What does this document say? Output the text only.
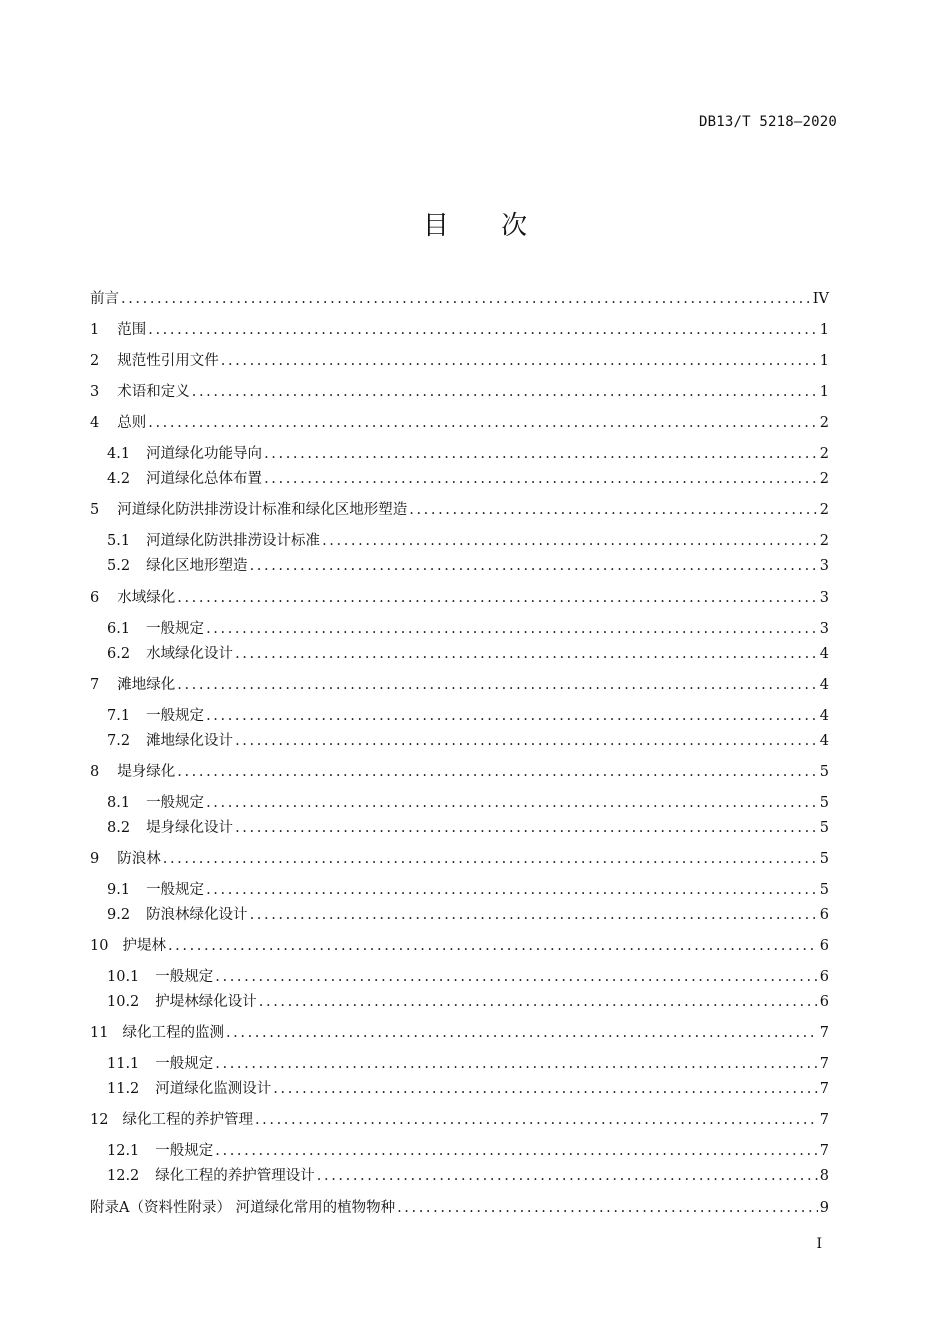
DB13/T 5218—2020
目 次
前言 .....	IV
1 范围 .....	1
2 规范性引用文件 .....	1
3 术语和定义 .....	1
4 总则 .....	2
4.1 河道绿化功能导向 .....	2
4.2 河道绿化总体布置 .....	2
5 河道绿化防洪排涝设计标准和绿化区地形塑造 .....	2
5.1 河道绿化防洪排涝设计标准 .....	2
5.2 绿化区地形塑造 .....	3
6 水域绿化 .....	3
6.1 一般规定 .....	3
6.2 水域绿化设计 .....	4
7 滩地绿化 .....	4
7.1 一般规定 .....	4
7.2 滩地绿化设计 .....	4
8 堤身绿化 .....	5
8.1 一般规定 .....	5
8.2 堤身绿化设计 .....	5
9 防浪林 .....	5
9.1 一般规定 .....	5
9.2 防浪林绿化设计 .....	6
10 护堤林 .....	6
10.1 一般规定 .....	6
10.2 护堤林绿化设计 .....	6
11 绿化工程的监测 .....	7
11.1 一般规定 .....	7
11.2 河道绿化监测设计 .....	7
12 绿化工程的养护管理 .....	7
12.1 一般规定 .....	7
12.2 绿化工程的养护管理设计 .....	8
附录A（资料性附录） 河道绿化常用的植物物种 .....	9
I
